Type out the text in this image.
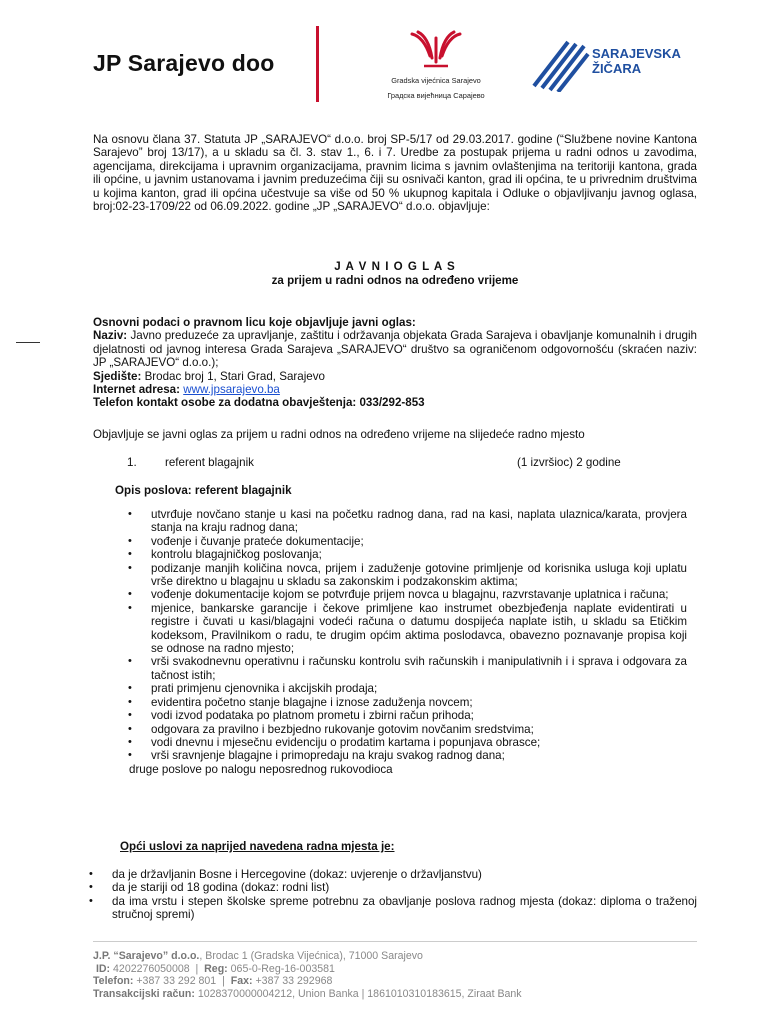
JP Sarajevo doo
Gradska vijećnica Sarajevo
Градска вијећница Сарајево
SARAJEVSKA
ŽIČARA
Na osnovu člana 37. Statuta JP „SARAJEVO“ d.o.o. broj SP-5/17 od 29.03.2017. godine (“Službene novine Kantona Sarajevo” broj 13/17), a u skladu sa čl. 3. stav 1., 6. i 7. Uredbe za postupak prijema u radni odnos u zavodima, agencijama, direkcijama i upravnim organizacijama, pravnim licima s javnim ovlaštenjima na teritoriji kantona, grada ili općine, u javnim ustanovama i javnim preduzećima čiji su osnivači kanton, grad ili općina, te u privrednim društvima u kojima kanton, grad ili općina učestvuje sa više od 50 % ukupnog kapitala i Odluke o objavljivanju javnog oglasa, broj:02-23-1709/22 od 06.09.2022. godine „JP „SARAJEVO“ d.o.o. objavljuje:
J A V N I O G L A S
za prijem u radni odnos na određeno vrijeme
Osnovni podaci o pravnom licu koje objavljuje javni oglas:
Naziv: Javno preduzeće za upravljanje, zaštitu i održavanja objekata Grada Sarajeva i obavljanje komunalnih i drugih djelatnosti od javnog interesa Grada Sarajeva „SARAJEVO“ društvo sa ograničenom odgovornošću (skraćen naziv: JP „SARAJEVO“ d.o.o.);
Sjedište: Brodac broj 1, Stari Grad, Sarajevo
Internet adresa: www.jpsarajevo.ba
Telefon kontakt osobe za dodatna obavještenja: 033/292-853
Objavljuje se javni oglas za prijem u radni odnos na određeno vrijeme na slijedeće radno mjesto
1. referent blagajnik	(1 izvršioc) 2 godine
Opis poslova: referent blagajnik
• utvrđuje novčano stanje u kasi na početku radnog dana, rad na kasi, naplata ulaznica/karata, provjera stanja na kraju radnog dana;
• vođenje i čuvanje prateće dokumentacije;
• kontrolu blagajničkog poslovanja;
• podizanje manjih količina novca, prijem i zaduženje gotovine primljenje od korisnika usluga koji uplatu vrše direktno u blagajnu u skladu sa zakonskim i podzakonskim aktima;
• vođenje dokumentacije kojom se potvrđuje prijem novca u blagajnu, razvrstavanje uplatnica i računa;
• mjenice, bankarske garancije i čekove primljene kao instrumet obezbjeđenja naplate evidentirati u registre i čuvati u kasi/blagajni vodeći računa o datumu dospijeća naplate istih, u skladu sa Etičkim kodeksom, Pravilnikom o radu, te drugim općim aktima poslodavca, obavezno poznavanje propisa koji se odnose na radno mjesto;
• vrši svakodnevnu operativnu i računsku kontrolu svih računskih i manipulativnih i i sprava i odgovara za tačnost istih;
• prati primjenu cjenovnika i akcijskih prodaja;
• evidentira početno stanje blagajne i iznose zaduženja novcem;
• vodi izvod podataka po platnom prometu i zbirni račun prihoda;
• odgovara za pravilno i bezbjedno rukovanje gotovim novčanim sredstvima;
• vodi dnevnu i mjesečnu evidenciju o prodatim kartama i popunjava obrasce;
• vrši sravnjenje blagajne i primopredaju na kraju svakog radnog dana;
druge poslove po nalogu neposrednog rukovodioca
Opći uslovi za naprijed navedena radna mjesta je:
• da je državljanin Bosne i Hercegovine (dokaz: uvjerenje o državljanstvu)
• da je stariji od 18 godina (dokaz: rodni list)
• da ima vrstu i stepen školske spreme potrebnu za obavljanje poslova radnog mjesta (dokaz: diploma o traženoj stručnoj spremi)
J.P. “Sarajevo” d.o.o., Brodac 1 (Gradska Vijećnica), 71000 Sarajevo
ID: 4202276050008  |  Reg: 065-0-Reg-16-003581
Telefon: +387 33 292 801  |  Fax: +387 33 292968
Transakcijski račun: 1028370000004212, Union Banka | 1861010310183615, Ziraat Bank
